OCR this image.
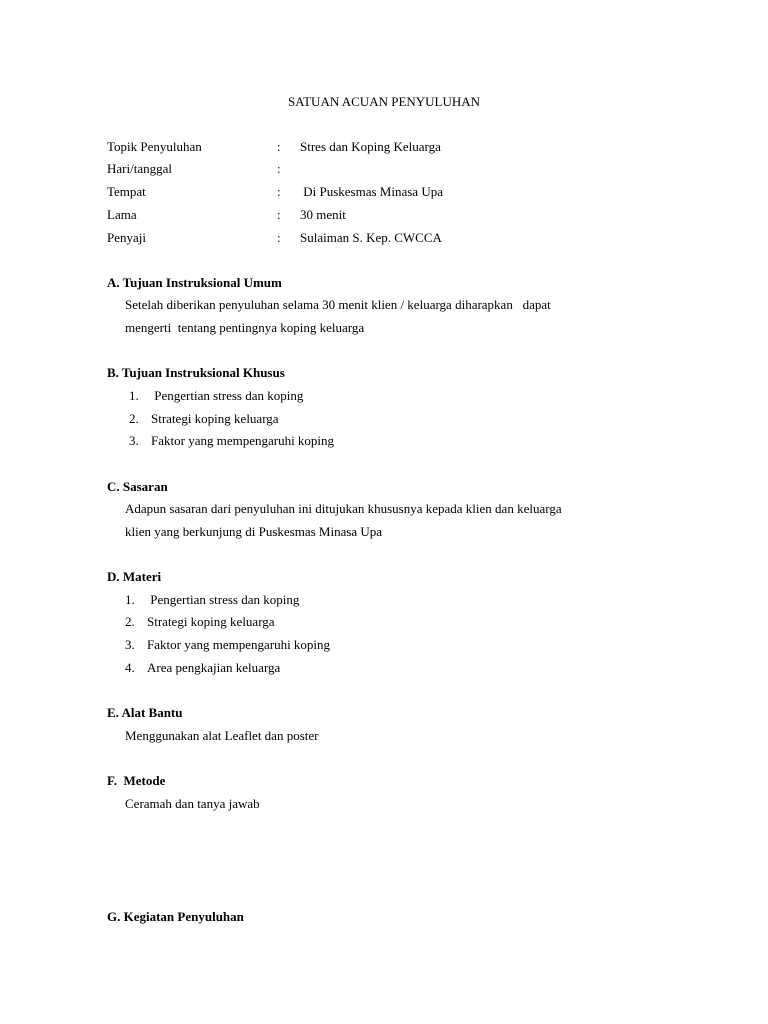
SATUAN ACUAN PENYULUHAN
Topik Penyuluhan	: Stres dan Koping Keluarga
Hari/tanggal	:
Tempat	: Di Puskesmas Minasa Upa
Lama	: 30 menit
Penyaji	: Sulaiman S. Kep. CWCCA
A. Tujuan Instruksional Umum
Setelah diberikan penyuluhan selama 30 menit klien / keluarga diharapkan   dapat
mengerti  tentang pentingnya koping keluarga
B. Tujuan Instruksional Khusus
1. Pengertian stress dan koping
2. Strategi koping keluarga
3. Faktor yang mempengaruhi koping
C. Sasaran
Adapun sasaran dari penyuluhan ini ditujukan khususnya kepada klien dan keluarga
klien yang berkunjung di Puskesmas Minasa Upa
D. Materi
1. Pengertian stress dan koping
2. Strategi koping keluarga
3. Faktor yang mempengaruhi koping
4. Area pengkajian keluarga
E. Alat Bantu
Menggunakan alat Leaflet dan poster
F.  Metode
Ceramah dan tanya jawab
G. Kegiatan Penyuluhan
